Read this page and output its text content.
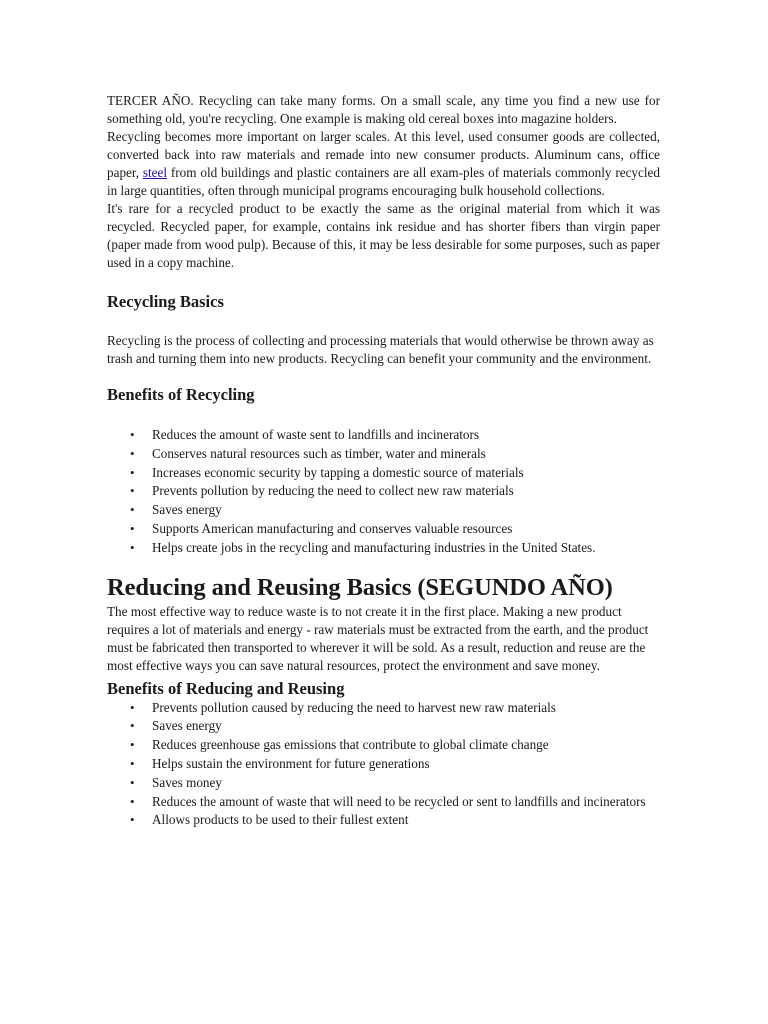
TERCER AÑO. Recycling can take many forms. On a small scale, any time you find a new use for something old, you're recycling. One example is making old cereal boxes into magazine holders.

Recycling becomes more important on larger scales. At this level, used consumer goods are collected, converted back into raw materials and remade into new consumer products. Aluminum cans, office paper, steel from old buildings and plastic containers are all exam-ples of materials commonly recycled in large quantities, often through municipal programs encouraging bulk household collections.

It's rare for a recycled product to be exactly the same as the original material from which it was recycled. Recycled paper, for example, contains ink residue and has shorter fibers than virgin paper (paper made from wood pulp). Because of this, it may be less desirable for some purposes, such as paper used in a copy machine.

Recycling Basics

Recycling is the process of collecting and processing materials that would otherwise be thrown away as trash and turning them into new products. Recycling can benefit your community and the environment.

Benefits of Recycling
• Reduces the amount of waste sent to landfills and incinerators
• Conserves natural resources such as timber, water and minerals
• Increases economic security by tapping a domestic source of materials
• Prevents pollution by reducing the need to collect new raw materials
• Saves energy
• Supports American manufacturing and conserves valuable resources
• Helps create jobs in the recycling and manufacturing industries in the United States.
Reducing and Reusing Basics (SEGUNDO AÑO)

The most effective way to reduce waste is to not create it in the first place. Making a new product requires a lot of materials and energy - raw materials must be extracted from the earth, and the product must be fabricated then transported to wherever it will be sold. As a result, reduction and reuse are the most effective ways you can save natural resources, protect the environment and save money.

Benefits of Reducing and Reusing
• Prevents pollution caused by reducing the need to harvest new raw materials
• Saves energy
• Reduces greenhouse gas emissions that contribute to global climate change
• Helps sustain the environment for future generations
• Saves money
• Reduces the amount of waste that will need to be recycled or sent to landfills and incinerators
• Allows products to be used to their fullest extent
